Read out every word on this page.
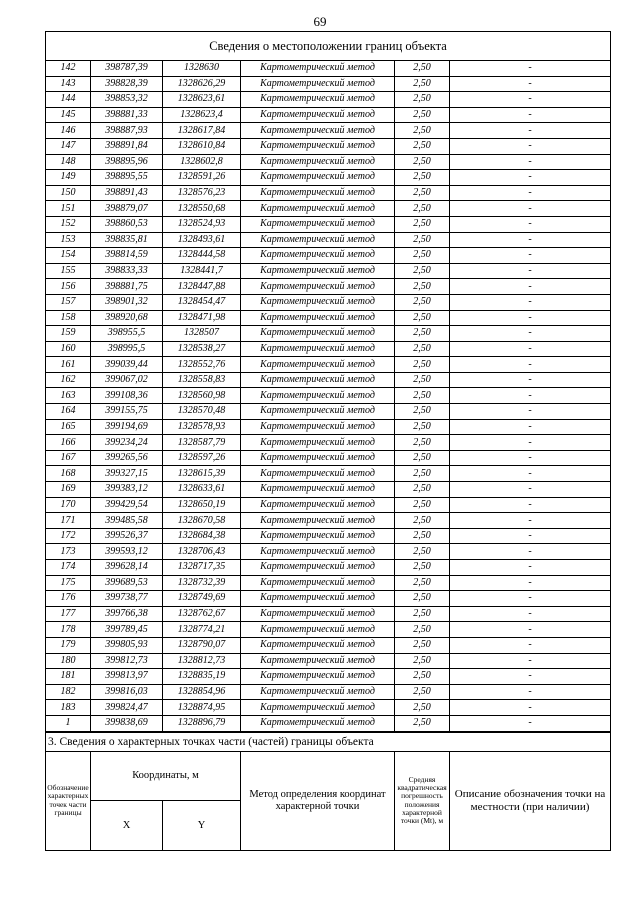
69
Сведения о местоположении границ объекта					
142	398787,39	1328630	Картометрический метод	2,50	-
143	398828,39	1328626,29	Картометрический метод	2,50	-
144	398853,32	1328623,61	Картометрический метод	2,50	-
145	398881,33	1328623,4	Картометрический метод	2,50	-
146	398887,93	1328617,84	Картометрический метод	2,50	-
147	398891,84	1328610,84	Картометрический метод	2,50	-
148	398895,96	1328602,8	Картометрический метод	2,50	-
149	398895,55	1328591,26	Картометрический метод	2,50	-
150	398891,43	1328576,23	Картометрический метод	2,50	-
151	398879,07	1328550,68	Картометрический метод	2,50	-
152	398860,53	1328524,93	Картометрический метод	2,50	-
153	398835,81	1328493,61	Картометрический метод	2,50	-
154	398814,59	1328444,58	Картометрический метод	2,50	-
155	398833,33	1328441,7	Картометрический метод	2,50	-
156	398881,75	1328447,88	Картометрический метод	2,50	-
157	398901,32	1328454,47	Картометрический метод	2,50	-
158	398920,68	1328471,98	Картометрический метод	2,50	-
159	398955,5	1328507	Картометрический метод	2,50	-
160	398995,5	1328538,27	Картометрический метод	2,50	-
161	399039,44	1328552,76	Картометрический метод	2,50	-
162	399067,02	1328558,83	Картометрический метод	2,50	-
163	399108,36	1328560,98	Картометрический метод	2,50	-
164	399155,75	1328570,48	Картометрический метод	2,50	-
165	399194,69	1328578,93	Картометрический метод	2,50	-
166	399234,24	1328587,79	Картометрический метод	2,50	-
167	399265,56	1328597,26	Картометрический метод	2,50	-
168	399327,15	1328615,39	Картометрический метод	2,50	-
169	399383,12	1328633,61	Картометрический метод	2,50	-
170	399429,54	1328650,19	Картометрический метод	2,50	-
171	399485,58	1328670,58	Картометрический метод	2,50	-
172	399526,37	1328684,38	Картометрический метод	2,50	-
173	399593,12	1328706,43	Картометрический метод	2,50	-
174	399628,14	1328717,35	Картометрический метод	2,50	-
175	399689,53	1328732,39	Картометрический метод	2,50	-
176	399738,77	1328749,69	Картометрический метод	2,50	-
177	399766,38	1328762,67	Картометрический метод	2,50	-
178	399789,45	1328774,21	Картометрический метод	2,50	-
179	399805,93	1328790,07	Картометрический метод	2,50	-
180	399812,73	1328812,73	Картометрический метод	2,50	-
181	399813,97	1328835,19	Картометрический метод	2,50	-
182	399816,03	1328854,96	Картометрический метод	2,50	-
183	399824,47	1328874,95	Картометрический метод	2,50	-
1	399838,69	1328896,79	Картометрический метод	2,50	-
3. Сведения о характерных точках части (частей) границы объекта					
Обозначение характерных точек части границы	Координаты, м		Метод определения координат характерной точки	Средняя квадратическая погрешность положения характерной точки (Mt), м	Описание обозначения точки на местности (при наличии)
	X	Y			
